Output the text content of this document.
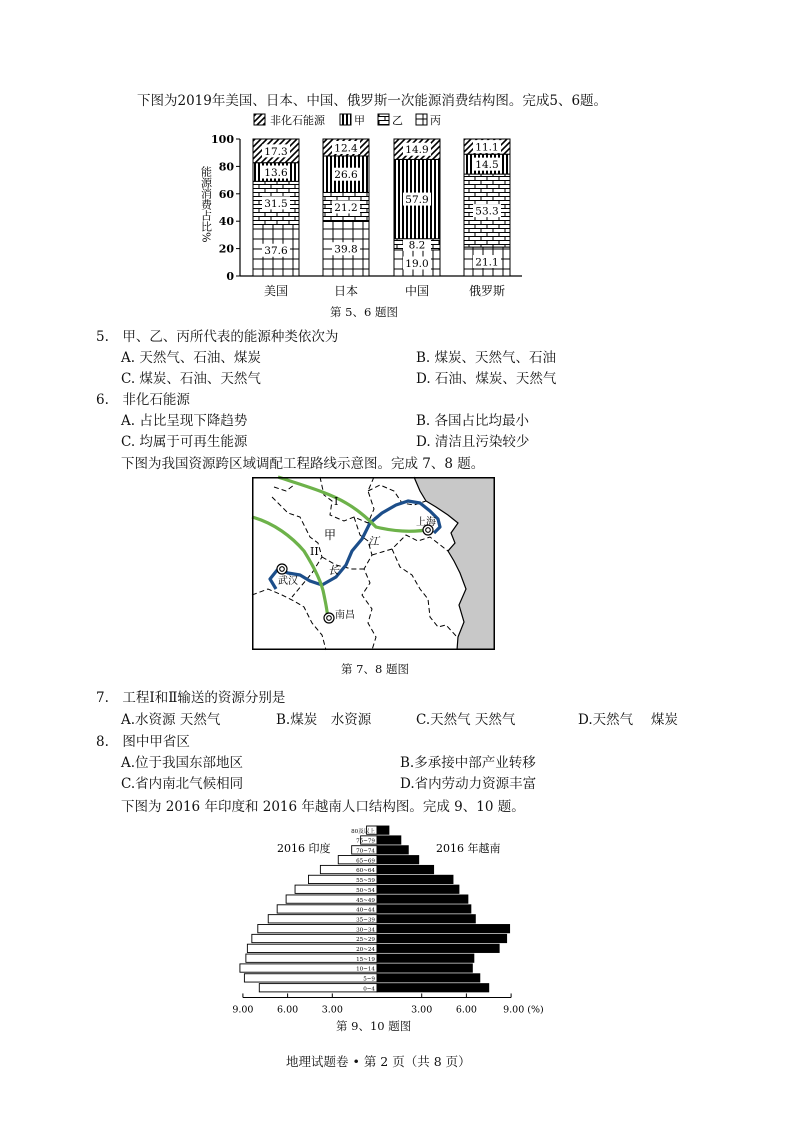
下图为2019年美国、日本、中国、俄罗斯一次能源消费结构图。完成5、6题。
非化石能源	甲 乙 丙
能源消费占比%
0
20
40
60
80
100
美国	日本	中国	俄罗斯
37.6
31.5
13.6
17.3
39.8
21.2
26.6
12.4
19.0
8.2
57.9
14.9
21.1
53.3
14.5
11.1
第 5、6 题图
5.　甲、乙、丙所代表的能源种类依次为
A. 天然气、石油、煤炭	B. 煤炭、天然气、石油
C. 煤炭、石油、天然气	D. 石油、煤炭、天然气
6.　非化石能源
A. 占比呈现下降趋势	B. 各国占比均最小
C. 均属于可再生能源	D. 清洁且污染较少
下图为我国资源跨区域调配工程路线示意图。完成 7、8 题。
I
II
甲	江
长
上海
武汉
南昌
第 7、8 题图
7.　工程Ⅰ和Ⅱ输送的资源分别是
A.水资源 天然气	B.煤炭　水资源	C.天然气 天然气	D.天然气　 煤炭
8.　图中甲省区
A.位于我国东部地区	B.多承接中部产业转移
C.省内南北气候相同	D.省内劳动力资源丰富
下图为 2016 年印度和 2016 年越南人口结构图。完成 9、10 题。
2016 印度	2016 年越南
80及以上
75~79
70~74
65~69
60~64
55~59
50~54
45~49
40~44
35~39
30~34
25~29
20~24
15~19
10~14
5~9
0~4
9.00 6.00 3.00	3.00 6.00	9.00 (%)
第 9、10 题图
地理试题卷 • 第 2 页（共 8 页）
